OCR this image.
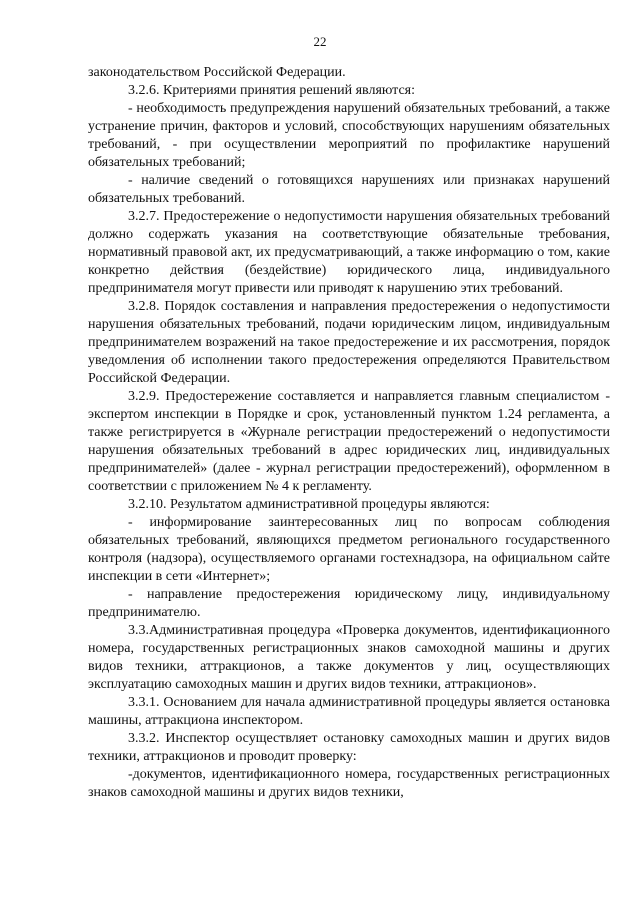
22

законодательством Российской Федерации.

3.2.6. Критериями принятия решений являются:

- необходимость предупреждения нарушений обязательных требований, а также устранение причин, факторов и условий, способствующих нарушениям обязательных требований, - при осуществлении мероприятий по профилактике нарушений обязательных требований;

- наличие сведений о готовящихся нарушениях или признаках нарушений обязательных требований.

3.2.7. Предостережение о недопустимости нарушения обязательных требований должно содержать указания на соответствующие обязательные требования, нормативный правовой акт, их предусматривающий, а также информацию о том, какие конкретно действия (бездействие) юридического лица, индивидуального предпринимателя могут привести или приводят к нарушению этих требований.

3.2.8. Порядок составления и направления предостережения о недопустимости нарушения обязательных требований, подачи юридическим лицом, индивидуальным предпринимателем возражений на такое предостережение и их рассмотрения, порядок уведомления об исполнении такого предостережения определяются Правительством Российской Федерации.

3.2.9. Предостережение составляется и направляется главным специалистом - экспертом инспекции в Порядке и срок, установленный пунктом 1.24 регламента, а также регистрируется в «Журнале регистрации предостережений о недопустимости нарушения обязательных требований в адрес юридических лиц, индивидуальных предпринимателей» (далее - журнал регистрации предостережений), оформленном в соответствии с приложением № 4 к регламенту.

3.2.10. Результатом административной процедуры являются:

- информирование заинтересованных лиц по вопросам соблюдения обязательных требований, являющихся предметом регионального государственного контроля (надзора), осуществляемого органами гостехнадзора, на официальном сайте инспекции в сети «Интернет»;

- направление предостережения юридическому лицу, индивидуальному предпринимателю.

3.3.Административная процедура «Проверка документов, идентификационного номера, государственных регистрационных знаков самоходной машины и других видов техники, аттракционов, а также документов у лиц, осуществляющих эксплуатацию самоходных машин и других видов техники, аттракционов».

3.3.1. Основанием для начала административной процедуры является остановка машины, аттракциона инспектором.

3.3.2. Инспектор осуществляет остановку самоходных машин и других видов техники, аттракционов и проводит проверку:

-документов, идентификационного номера, государственных регистрационных знаков самоходной машины и других видов техники,
